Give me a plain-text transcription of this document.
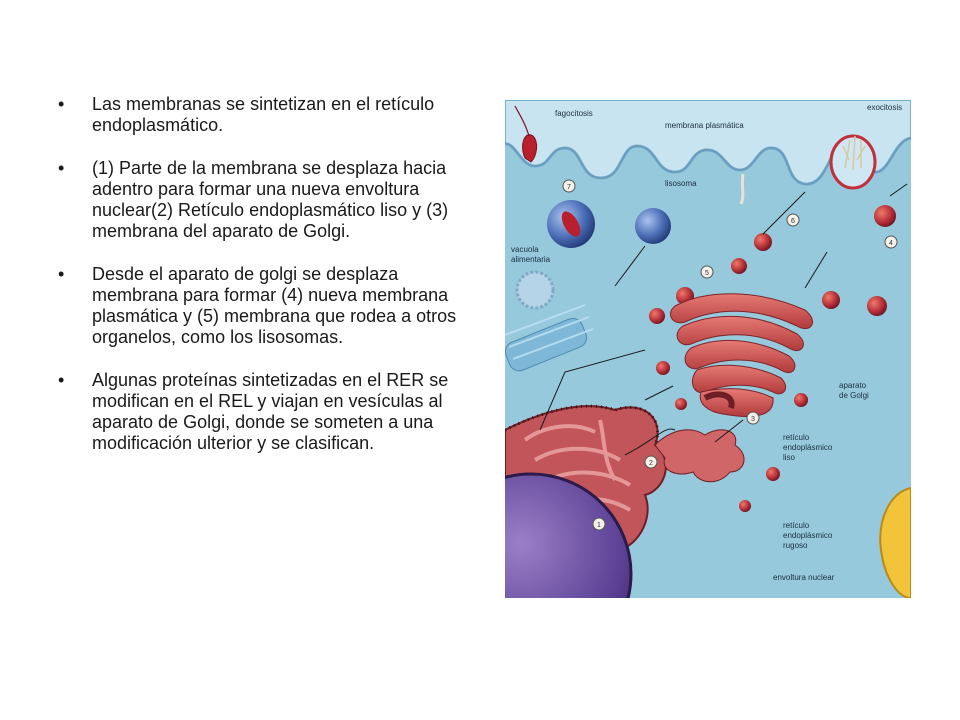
• Las membranas se sintetizan en el retículo endoplasmático.
• (1) Parte de la membrana se desplaza hacia adentro para formar una nueva envoltura nuclear(2) Retículo endoplasmático liso y (3) membrana del aparato de Golgi.
• Desde el aparato de golgi se desplaza membrana para formar (4) nueva membrana plasmática y (5) membrana que rodea a otros organelos, como los lisosomas.
• Algunas proteínas sintetizadas en el RER se modifican en el REL y viajan en vesículas al aparato de Golgi, donde se someten a una modificación ulterior y se clasifican.
1
2
3
4
5
6
7
fagocitosis
membrana plasmática
exocitosis
lisosoma
vacuola
alimentaria
aparato
de Golgi
retículo
endoplásmico
liso
retículo
endoplásmico
rugoso
envoltura nuclear
